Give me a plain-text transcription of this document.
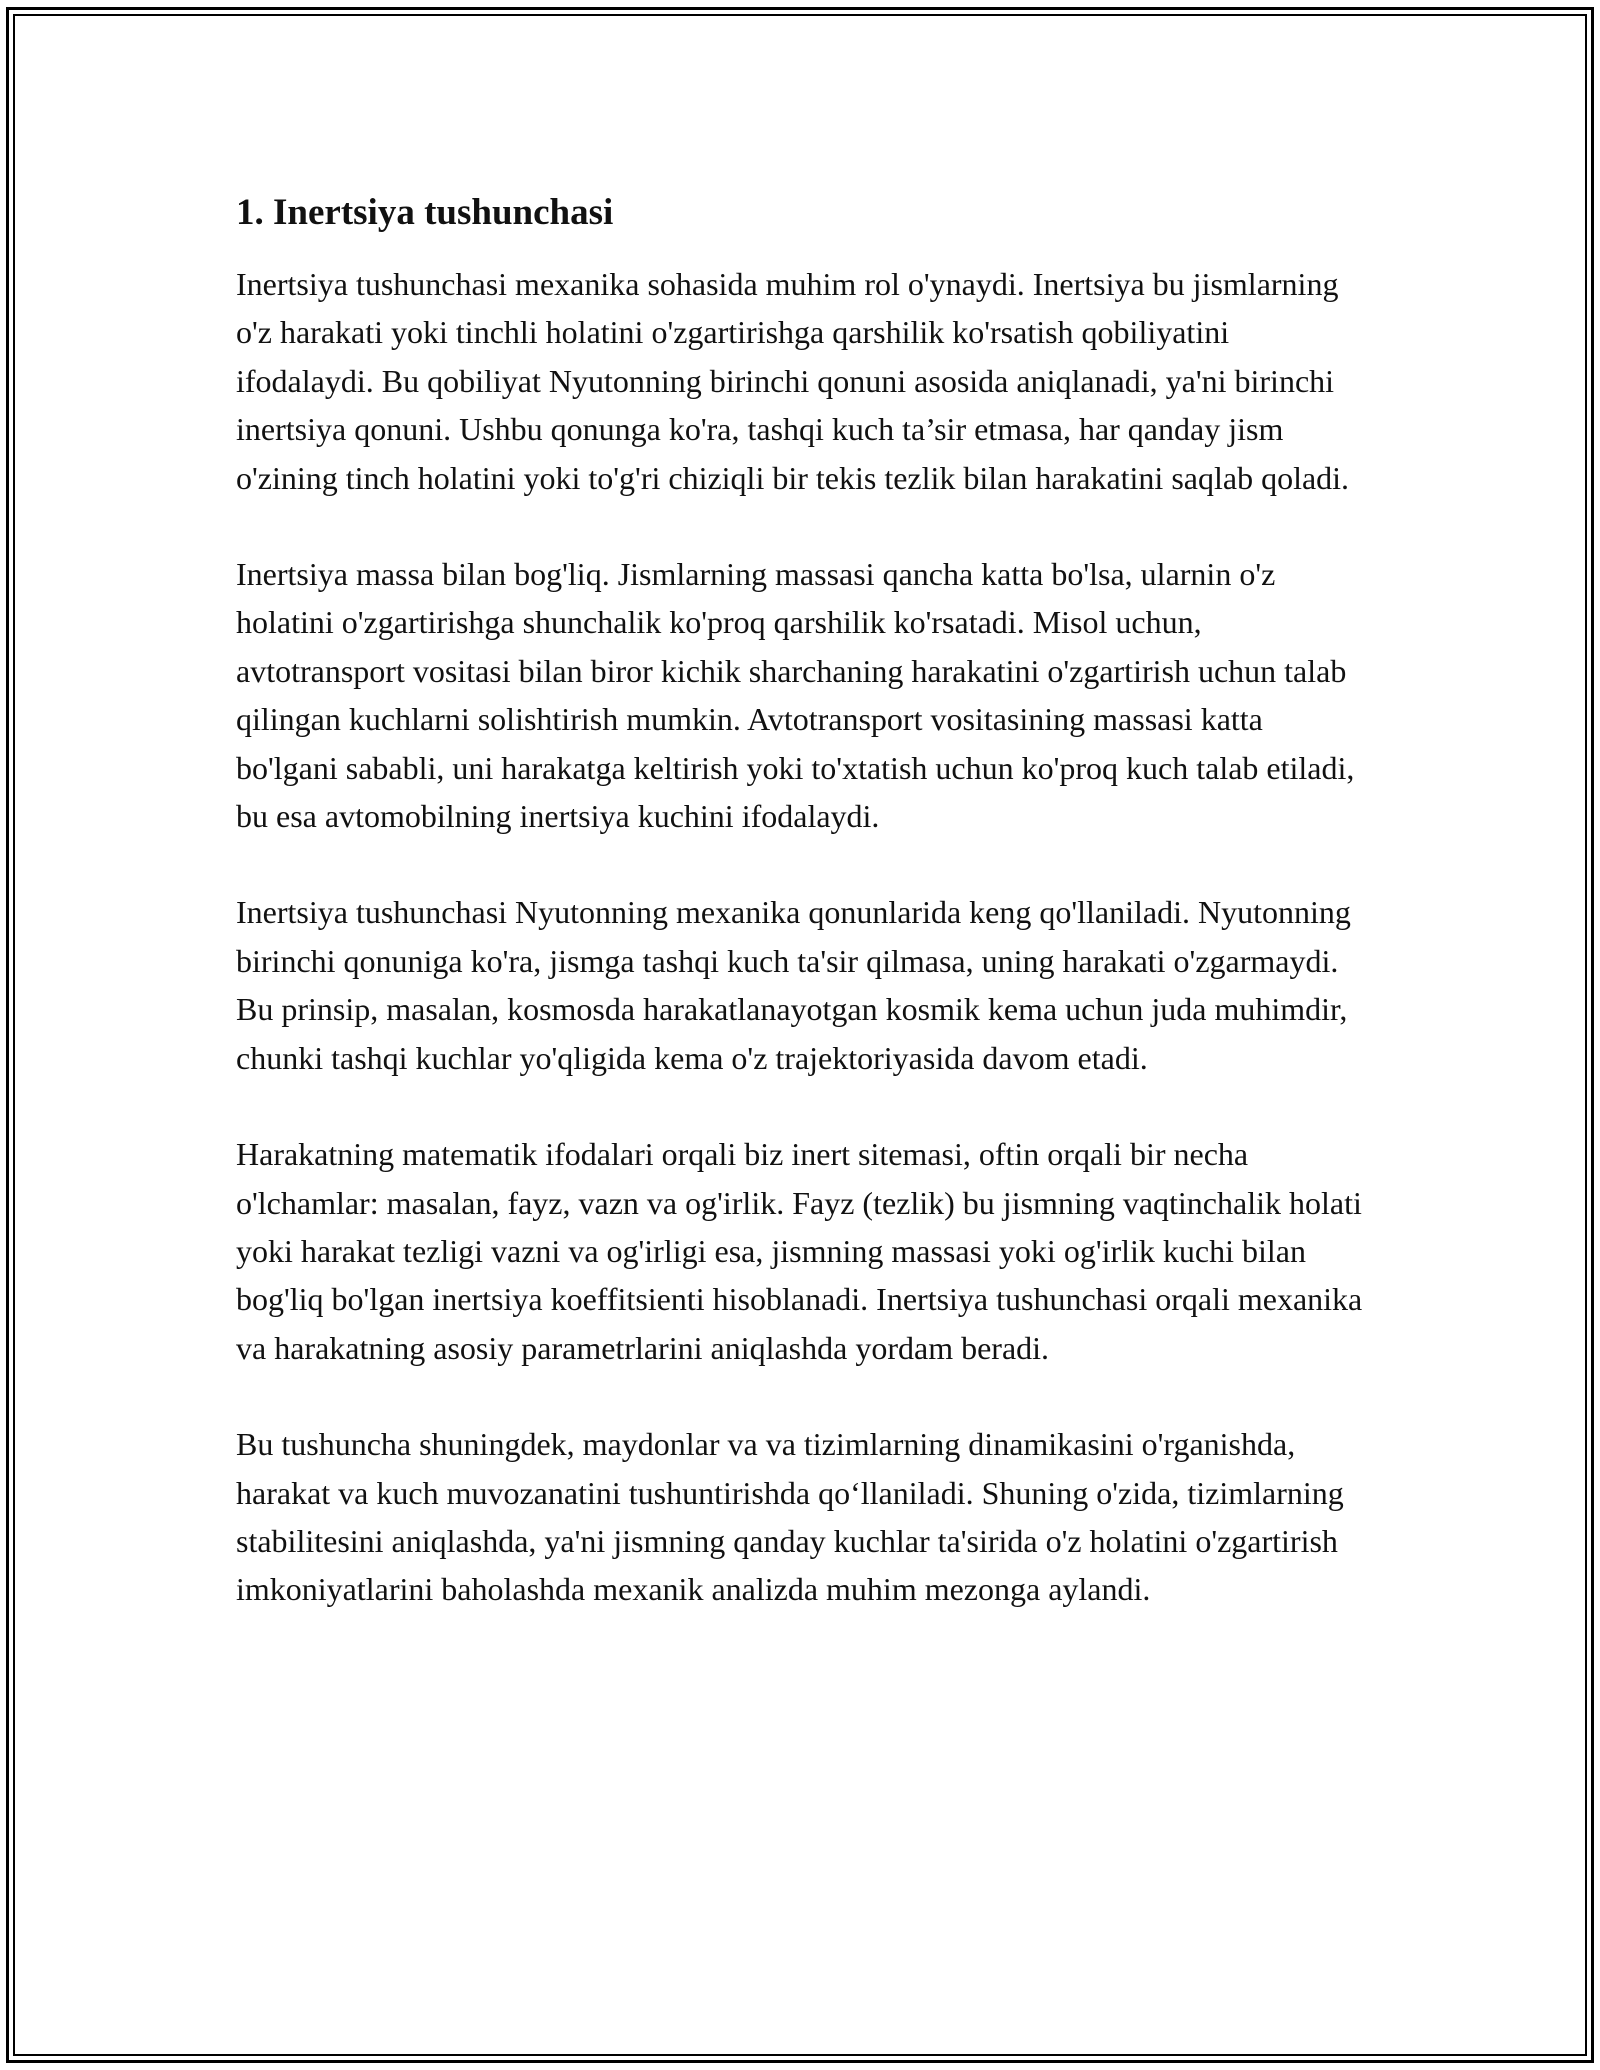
1. Inertsiya tushunchasi

Inertsiya tushunchasi mexanika sohasida muhim rol o'ynaydi. Inertsiya bu jismlarning o'z harakati yoki tinchli holatini o'zgartirishga qarshilik ko'rsatish qobiliyatini ifodalaydi. Bu qobiliyat Nyutonning birinchi qonuni asosida aniqlanadi, ya'ni birinchi inertsiya qonuni. Ushbu qonunga ko'ra, tashqi kuch ta’sir etmasa, har qanday jism o'zining tinch holatini yoki to'g'ri chiziqli bir tekis tezlik bilan harakatini saqlab qoladi.

Inertsiya massa bilan bog'liq. Jismlarning massasi qancha katta bo'lsa, ularnin o'z holatini o'zgartirishga shunchalik ko'proq qarshilik ko'rsatadi. Misol uchun, avtotransport vositasi bilan biror kichik sharchaning harakatini o'zgartirish uchun talab qilingan kuchlarni solishtirish mumkin. Avtotransport vositasining massasi katta bo'lgani sababli, uni harakatga keltirish yoki to'xtatish uchun ko'proq kuch talab etiladi, bu esa avtomobilning inertsiya kuchini ifodalaydi.

Inertsiya tushunchasi Nyutonning mexanika qonunlarida keng qo'llaniladi. Nyutonning birinchi qonuniga ko'ra, jismga tashqi kuch ta'sir qilmasa, uning harakati o'zgarmaydi. Bu prinsip, masalan, kosmosda harakatlanayotgan kosmik kema uchun juda muhimdir, chunki tashqi kuchlar yo'qligida kema o'z trajektoriyasida davom etadi.

Harakatning matematik ifodalari orqali biz inert sitemasi, oftin orqali bir necha o'lchamlar: masalan, fayz, vazn va og'irlik. Fayz (tezlik) bu jismning vaqtinchalik holati yoki harakat tezligi vazni va og'irligi esa, jismning massasi yoki og'irlik kuchi bilan bog'liq bo'lgan inertsiya koeffitsienti hisoblanadi. Inertsiya tushunchasi orqali mexanika va harakatning asosiy parametrlarini aniqlashda yordam beradi.

Bu tushuncha shuningdek, maydonlar va va tizimlarning dinamikasini o'rganishda, harakat va kuch muvozanatini tushuntirishda qo‘llaniladi. Shuning o'zida, tizimlarning stabilitesini aniqlashda, ya'ni jismning qanday kuchlar ta'sirida o'z holatini o'zgartirish imkoniyatlarini baholashda mexanik analizda muhim mezonga aylandi.
